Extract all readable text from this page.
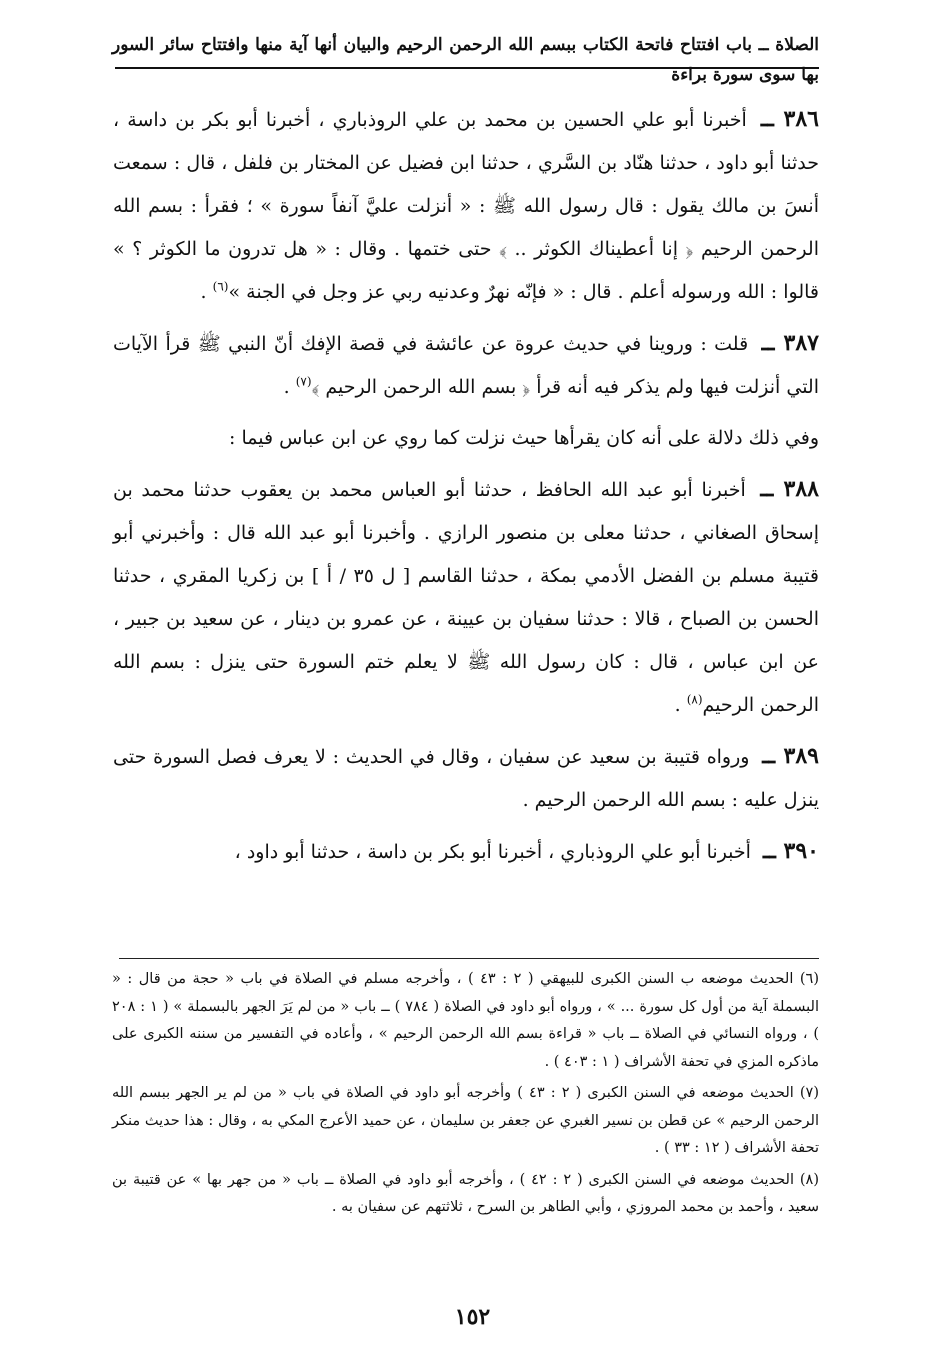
الصلاة ــ باب افتتاح فاتحة الكتاب ببسم الله الرحمن الرحيم والبيان أنها آية منها وافتتاح سائر السور بها سوى سورة براءة

٣٨٦ ــ أخبرنا أبو علي الحسين بن محمد بن علي الروذباري ، أخبرنا أبو بكر بن داسة ، حدثنا أبو داود ، حدثنا هنّاد بن السَّري ، حدثنا ابن فضيل عن المختار بن فلفل ، قال : سمعت أنسَ بن مالك يقول : قال رسول الله ﷺ : « أنزلت عليَّ آنفاً سورة » ؛ فقرأ : بسم الله الرحمن الرحيم ﴿ إنا أعطيناك الكوثر .. ﴾ حتى ختمها . وقال : « هل تدرون ما الكوثر ؟ » قالوا : الله ورسوله أعلم . قال : « فإنّه نهرٌ وعدنيه ربي عز وجل في الجنة »$^{(٦)}$ .

٣٨٧ ــ قلت : وروينا في حديث عروة عن عائشة في قصة الإفك أنّ النبي ﷺ قرأ الآيات التي أنزلت فيها ولم يذكر فيه أنه قرأ ﴿ بسم الله الرحمن الرحيم ﴾$^{(٧)}$ .

وفي ذلك دلالة على أنه كان يقرأها حيث نزلت كما روي عن ابن عباس فيما :

٣٨٨ ــ أخبرنا أبو عبد الله الحافظ ، حدثنا أبو العباس محمد بن يعقوب حدثنا محمد بن إسحاق الصغاني ، حدثنا معلى بن منصور الرازي . وأخبرنا أبو عبد الله قال : وأخبرني أبو قتيبة مسلم بن الفضل الأدمي بمكة ، حدثنا القاسم [ ل ٣٥ / أ ] بن زكريا المقري ، حدثنا الحسن بن الصباح ، قالا : حدثنا سفيان بن عيينة ، عن عمرو بن دينار ، عن سعيد بن جبير ، عن ابن عباس ، قال : كان رسول الله ﷺ لا يعلم ختم السورة حتى ينزل : بسم الله الرحمن الرحيم$^{(٨)}$ .

٣٨٩ ــ ورواه قتيبة بن سعيد عن سفيان ، وقال في الحديث : لا يعرف فصل السورة حتى ينزل عليه : بسم الله الرحمن الرحيم .

٣٩٠ ــ أخبرنا أبو علي الروذباري ، أخبرنا أبو بكر بن داسة ، حدثنا أبو داود ،

(٦) الحديث موضعه ب السنن الكبرى للبيهقي ( ٢ : ٤٣ ) ، وأخرجه مسلم في الصلاة في باب « حجة من قال : « البسملة آية من أول كل سورة ... » ، ورواه أبو داود في الصلاة ( ٧٨٤ ) ــ باب « من لم يَرَ الجهر بالبسملة » ( ١ : ٢٠٨ ) ، ورواه النسائي في الصلاة ــ باب « قراءة بسم الله الرحمن الرحيم » ، وأعاده في التفسير من سننه الكبرى على ماذكره المزي في تحفة الأشراف ( ١ : ٤٠٣ ) .

(٧) الحديث موضعه في السنن الكبرى ( ٢ : ٤٣ ) وأخرجه أبو داود في الصلاة في باب « من لم ير الجهر ببسم الله الرحمن الرحيم » عن قطن بن نسير الغبري عن جعفر بن سليمان ، عن حميد الأعرج المكي به ، وقال : هذا حديث منكر تحفة الأشراف ( ١٢ : ٣٣ ) .

(٨) الحديث موضعه في السنن الكبرى ( ٢ : ٤٢ ) ، وأخرجه أبو داود في الصلاة ــ باب « من جهر بها » عن قتيبة بن سعيد ، وأحمد بن محمد المروزي ، وأبي الطاهر بن السرح ، ثلاثتهم عن سفيان به .

١٥٢
